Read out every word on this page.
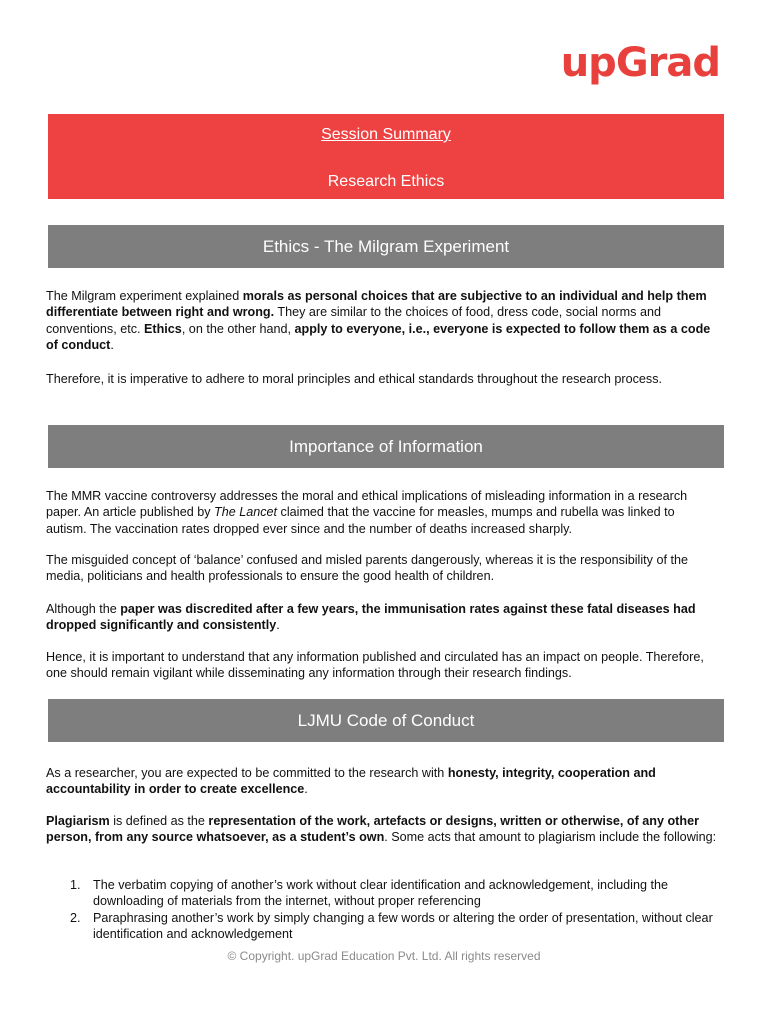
upGrad
Session Summary
Research Ethics
Ethics - The Milgram Experiment

The Milgram experiment explained morals as personal choices that are subjective to an individual and help them differentiate between right and wrong. They are similar to the choices of food, dress code, social norms and conventions, etc. Ethics, on the other hand, apply to everyone, i.e., everyone is expected to follow them as a code of conduct.

Therefore, it is imperative to adhere to moral principles and ethical standards throughout the research process.

Importance of Information

The MMR vaccine controversy addresses the moral and ethical implications of misleading information in a research paper. An article published by The Lancet claimed that the vaccine for measles, mumps and rubella was linked to autism. The vaccination rates dropped ever since and the number of deaths increased sharply.

The misguided concept of ‘balance’ confused and misled parents dangerously, whereas it is the responsibility of the media, politicians and health professionals to ensure the good health of children.

Although the paper was discredited after a few years, the immunisation rates against these fatal diseases had dropped significantly and consistently.

Hence, it is important to understand that any information published and circulated has an impact on people. Therefore, one should remain vigilant while disseminating any information through their research findings.

LJMU Code of Conduct

As a researcher, you are expected to be committed to the research with honesty, integrity, cooperation and accountability in order to create excellence.

Plagiarism is defined as the representation of the work, artefacts or designs, written or otherwise, of any other person, from any source whatsoever, as a student’s own. Some acts that amount to plagiarism include the following:

1. The verbatim copying of another’s work without clear identification and acknowledgement, including the downloading of materials from the internet, without proper referencing
2. Paraphrasing another’s work by simply changing a few words or altering the order of presentation, without clear identification and acknowledgement
© Copyright. upGrad Education Pvt. Ltd. All rights reserved
